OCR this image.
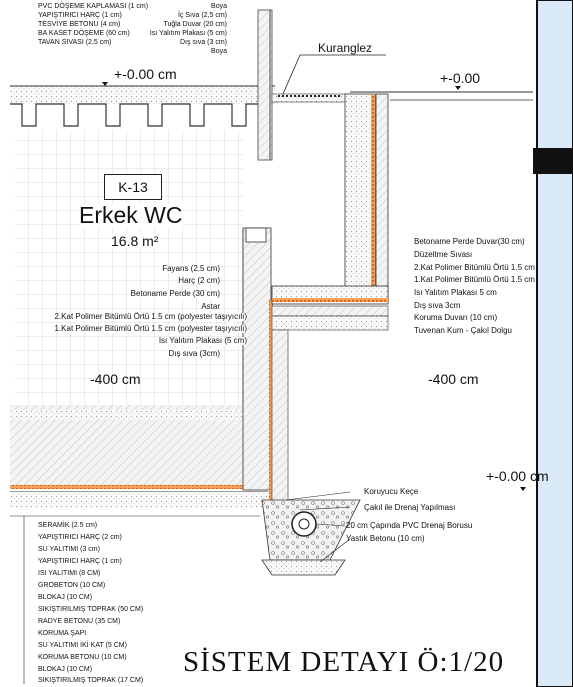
PVC DÖŞEME KAPLAMASI (1 cm)
YAPIŞTIRICI HARÇ (1 cm)
TESVİYE BETONU (4 cm)
BA KASET DÖŞEME (60 cm)
TAVAN SIVASI (2,5 cm)
Boya
İç Sıva (2,5 cm)
Tuğla Duvar (20 cm)
Isı Yalıtım Plakası (5 cm)
Dış sıva (3 cm)
Boya
+-0.00 cm	+-0.00
-400 cm	-400 cm
+-0.00 cm
Kuranglez
K-13
Erkek WC
16.8 m²
Fayans (2.5 cm)
Harç (2 cm)
Betoname Perde (30 cm)
Astar
2.Kat Polimer Bitümlü Örtü 1.5 cm (polyester taşıyıcılı)
1.Kat Polimer Bitümlü Örtü 1.5 cm (polyester taşıyıcılı)
Isı Yalıtım Plakası (5 cm)
Dış sıva (3cm)
Betoname Perde Duvar(30 cm)
Düzeltme Sıvası
2.Kat Polimer Bitümlü Örtü 1.5 cm
1.Kat Polimer Bitümlü Örtü 1.5 cm
Isı Yalıtım Plakası 5 cm
Dış sıva 3cm
Koruma Duvarı (10 cm)
Tuvenan Kum - Çakıl Dolgu
Koruyucu Keçe
Çakıl ile Drenaj Yapılması
20 cm Çapında PVC Drenaj Borusu
Yastık Betonu (10 cm)
SERAMİK (2.5 cm)
YAPIŞTIRICI HARÇ (2 cm)
SU YALITIMI (3 cm)
YAPIŞTIRICI HARÇ (1 cm)
ISI YALITIMI (8 CM)
GROBETON (10 CM)
BLOKAJ (10 CM)
SIKIŞTIRILMIŞ TOPRAK (50 CM)
RADYE BETONU (35 CM)
KORUMA ŞAPI
SU YALITIMI İKİ KAT (5 CM)
KORUMA BETONU (10 CM)
BLOKAJ (10 CM)
SIKIŞTIRILMIŞ TOPRAK (17 CM)
SİSTEM DETAYI Ö:1/20
